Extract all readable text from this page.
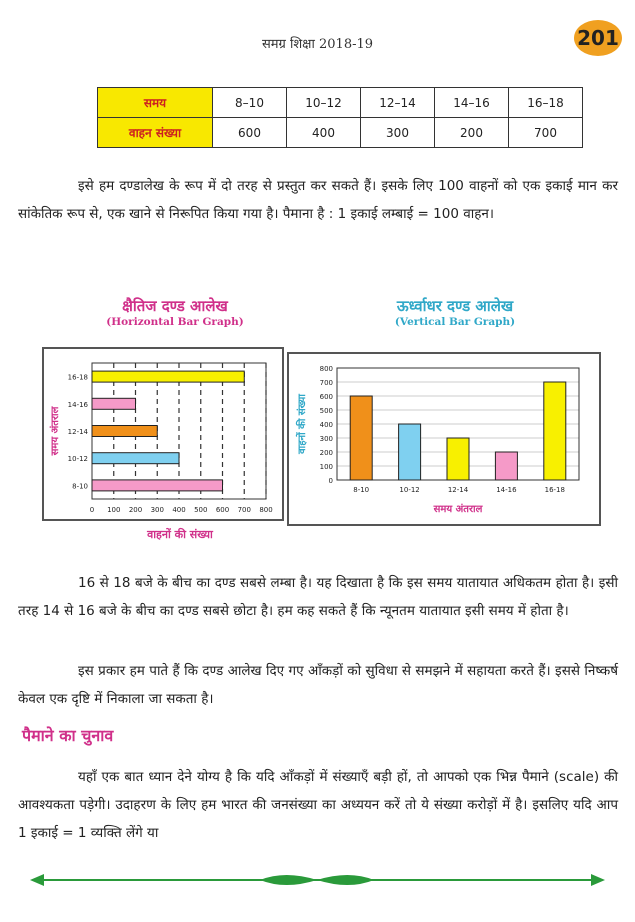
समग्र शिक्षा 2018-19	201
समय	8–10	10–12	12–14	14–16	16–18
वाहन संख्या	600	400	300	200	700
इसे हम दण्डालेख के रूप में दो तरह से प्रस्तुत कर सकते हैं। इसके लिए 100 वाहनों को एक इकाई मान कर सांकेतिक रूप से, एक खाने से निरूपित किया गया है। पैमाना है : 1 इकाई लम्बाई = 100 वाहन।
क्षैतिज दण्ड आलेख
(Horizontal Bar Graph)
ऊर्ध्वाधर दण्ड आलेख
(Vertical Bar Graph)
0 100 200 300 400 500 600 700 800
8-10
10-12
12-14
14-16
16-18
समय अंतराल
वाहनों की संख्या
0
100
200
300
400
500
600
700
800
8-10	10-12	12-14	14-16	16-18
समय अंतराल
वाहनों की संख्या
16 से 18 बजे के बीच का दण्ड सबसे लम्बा है। यह दिखाता है कि इस समय यातायात अधिकतम होता है। इसी तरह 14 से 16 बजे के बीच का दण्ड सबसे छोटा है। हम कह सकते हैं कि न्यूनतम यातायात इसी समय में होता है।
इस प्रकार हम पाते हैं कि दण्ड आलेख दिए गए आँकड़ों को सुविधा से समझने में सहायता करते हैं। इससे निष्कर्ष केवल एक दृष्टि में निकाला जा सकता है।
पैमाने का चुनाव
यहाँ एक बात ध्यान देने योग्य है कि यदि आँकड़ों में संख्याएँ बड़ी हों, तो आपको एक भिन्न पैमाने (scale) की आवश्यकता पड़ेगी। उदाहरण के लिए हम भारत की जनसंख्या का अध्ययन करें तो ये संख्या करोड़ों में है। इसलिए यदि आप 1 इकाई = 1 व्यक्ति लेंगे या
